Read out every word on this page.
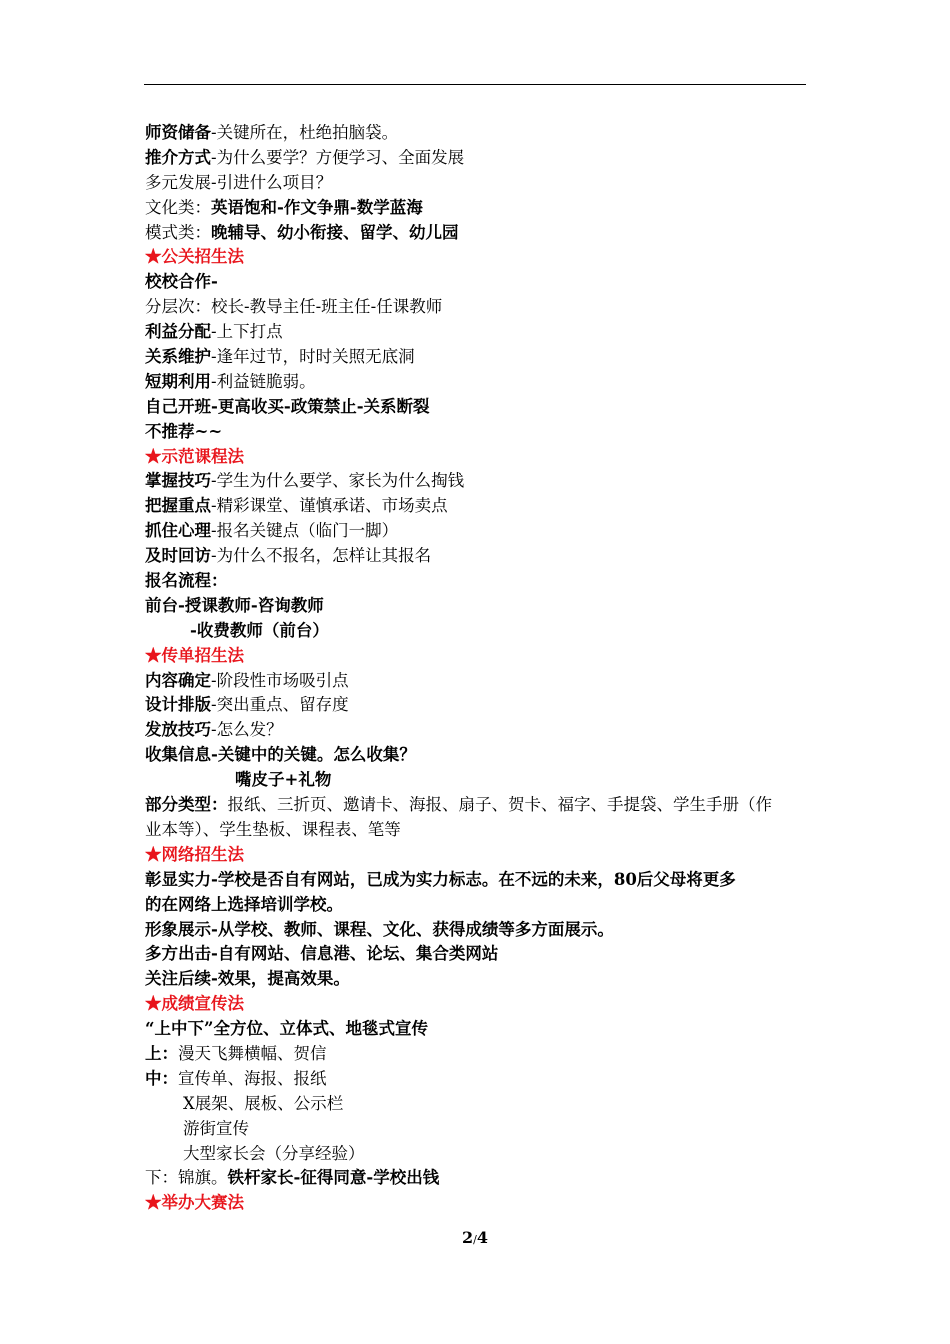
师资储备-关键所在，杜绝拍脑袋。
推介方式-为什么要学？方便学习、全面发展
多元发展-引进什么项目？
文化类：英语饱和-作文争鼎-数学蓝海
模式类：晚辅导、幼小衔接、留学、幼儿园
★公关招生法
校校合作-
分层次：校长-教导主任-班主任-任课教师
利益分配-上下打点
关系维护-逢年过节，时时关照无底洞
短期利用-利益链脆弱。
自己开班-更高收买-政策禁止-关系断裂
不推荐~~
★示范课程法
掌握技巧-学生为什么要学、家长为什么掏钱
把握重点-精彩课堂、谨慎承诺、市场卖点
抓住心理-报名关键点（临门一脚）
及时回访-为什么不报名，怎样让其报名
报名流程：
前台-授课教师-咨询教师
-收费教师（前台）
★传单招生法
内容确定-阶段性市场吸引点
设计排版-突出重点、留存度
发放技巧-怎么发？
收集信息-关键中的关键。怎么收集？
嘴皮子+礼物
部分类型：报纸、三折页、邀请卡、海报、扇子、贺卡、福字、手提袋、学生手册（作
业本等）、学生垫板、课程表、笔等
★网络招生法
彰显实力-学校是否自有网站，已成为实力标志。在不远的未来，80后父母将更多
的在网络上选择培训学校。
形象展示-从学校、教师、课程、文化、获得成绩等多方面展示。
多方出击-自有网站、信息港、论坛、集合类网站
关注后续-效果，提高效果。
★成绩宣传法
“上中下”全方位、立体式、地毯式宣传
上：漫天飞舞横幅、贺信
中：宣传单、海报、报纸
X展架、展板、公示栏
游街宣传
大型家长会（分享经验）
下：锦旗。铁杆家长-征得同意-学校出钱
★举办大赛法
2/4
